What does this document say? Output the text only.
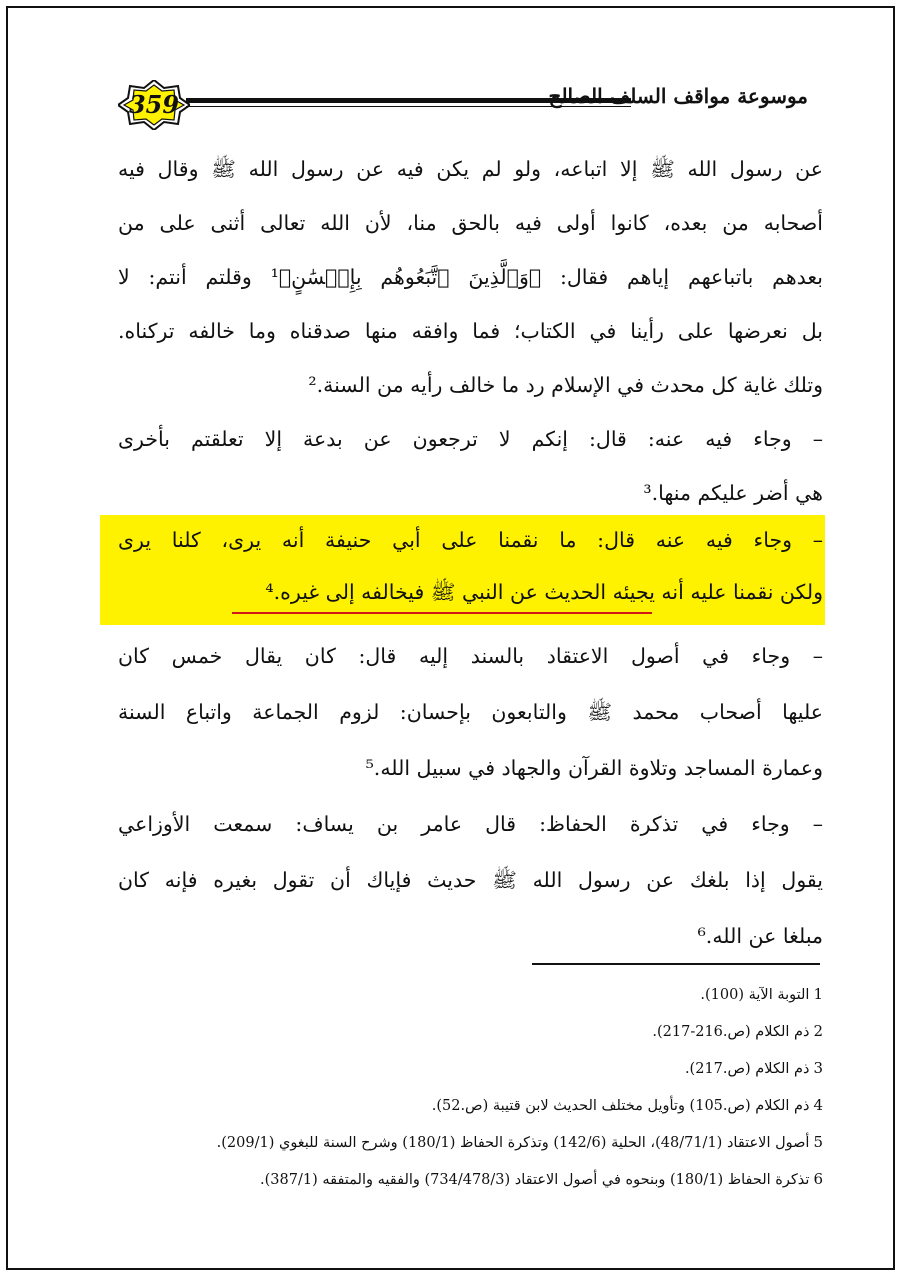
359	موسوعة مواقف السلف الصالح
عن رسول الله ﷺ إلا اتباعه، ولو لم يكن فيه عن رسول الله ﷺ وقال فيه
أصحابه من بعده، كانوا أولى فيه بالحق منا، لأن الله تعالى أثنى على من
بعدهم باتباعهم إياهم فقال: ﴿وَٱلَّذِينَ ٱتَّبَعُوهُم بِإِحۡسَٰنٍ﴾¹ وقلتم أنتم: لا
بل نعرضها على رأينا في الكتاب؛ فما وافقه منها صدقناه وما خالفه تركناه.
وتلك غاية كل محدث في الإسلام رد ما خالف رأيه من السنة.²
– وجاء فيه عنه: قال: إنكم لا ترجعون عن بدعة إلا تعلقتم بأخرى
هي أضر عليكم منها.³
– وجاء فيه عنه قال: ما نقمنا على أبي حنيفة أنه يرى، كلنا يرى
ولكن نقمنا عليه أنه يجيئه الحديث عن النبي ﷺ فيخالفه إلى غيره.⁴
– وجاء في أصول الاعتقاد بالسند إليه قال: كان يقال خمس كان
عليها أصحاب محمد ﷺ والتابعون بإحسان: لزوم الجماعة واتباع السنة
وعمارة المساجد وتلاوة القرآن والجهاد في سبيل الله.⁵
– وجاء في تذكرة الحفاظ: قال عامر بن يساف: سمعت الأوزاعي
يقول إذا بلغك عن رسول الله ﷺ حديث فإياك أن تقول بغيره فإنه كان
مبلغا عن الله.⁶
1التوبة الآية (100).
2ذم الكلام (ص.216-217).
3ذم الكلام (ص.217).
4ذم الكلام (ص.105) وتأويل مختلف الحديث لابن قتيبة (ص.52).
5أصول الاعتقاد (48/71/1)، الحلية (142/6) وتذكرة الحفاظ (180/1) وشرح السنة للبغوي (209/1).
6تذكرة الحفاظ (180/1) وبنحوه في أصول الاعتقاد (734/478/3) والفقيه والمتفقه (387/1).
